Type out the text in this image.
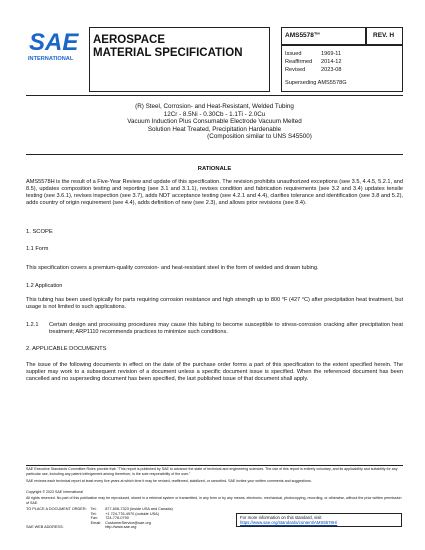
SAE
INTERNATIONAL
AEROSPACE
MATERIAL SPECIFICATION
AMS5578™	REV. H
Issued	1969-11
Reaffirmed	2014-12
Revised	2023-08
Superseding AMS5578G
(R) Steel, Corrosion- and Heat-Resistant, Welded Tubing
12Cr - 8.5Ni - 0.30Cb - 1.1Ti - 2.0Cu
Vacuum Induction Plus Consumable Electrode Vacuum Melted
Solution Heat Treated, Precipitation Hardenable
(Composition similar to UNS S45500)
RATIONALE
AMS5578H is the result of a Five-Year Review and update of this specification. The revision prohibits unauthorized exceptions (see 3.5, 4.4.5, 5.2.1, and 8.5), updates composition testing and reporting (see 3.1 and 3.1.1), revises condition and fabrication requirements (see 3.2 and 3.4) updates tensile testing (see 3.6.1), revises inspection (see 3.7), adds NDT acceptance testing (see 4.2.1 and 4.4), clarifies tolerance and identification (see 3.8 and 5.2), adds country of origin requirement (see 4.4), adds definition of new (see 2.3), and allows prior revisions (see 8.4).
1. SCOPE
1.1 Form
This specification covers a premium-quality corrosion- and heat-resistant steel in the form of welded and drawn tubing.
1.2 Application
This tubing has been used typically for parts requiring corrosion resistance and high strength up to 800 °F (427 °C) after precipitation heat treatment, but usage is not limited to such applications.
1.2.1	Certain design and processing procedures may cause this tubing to become susceptible to stress-corrosion cracking after precipitation heat treatment; ARP1110 recommends practices to minimize such conditions.
2. APPLICABLE DOCUMENTS
The issue of the following documents in effect on the date of the purchase order forms a part of this specification to the extent specified herein. The supplier may work to a subsequent revision of a document unless a specific document issue is specified. When the referenced document has been cancelled and no superseding document has been specified, the last published issue of that document shall apply.
SAE Executive Standards Committee Rules provide that: "This report is published by SAE to advance the state of technical and engineering sciences. The use of this report is entirely voluntary, and its applicability and suitability for any particular use, including any patent infringement arising therefrom, is the sole responsibility of the user."
SAE reviews each technical report at least every five years at which time it may be revised, reaffirmed, stabilized, or cancelled. SAE invites your written comments and suggestions.
Copyright © 2023 SAE International
All rights reserved. No part of this publication may be reproduced, stored in a retrieval system or transmitted, in any form or by any means, electronic, mechanical, photocopying, recording, or otherwise, without the prior written permission of SAE.
TO PLACE A DOCUMENT ORDER:	Tel:	877-606-7323 (inside USA and Canada)
	Tel:	+1 724-776-4970 (outside USA)
	Fax:	724-776-0790
	Email:	CustomerService@sae.org
SAE WEB ADDRESS:		http://www.sae.org
For more information on this standard, visit
https://www.sae.org/standards/content/AMS5578H/
